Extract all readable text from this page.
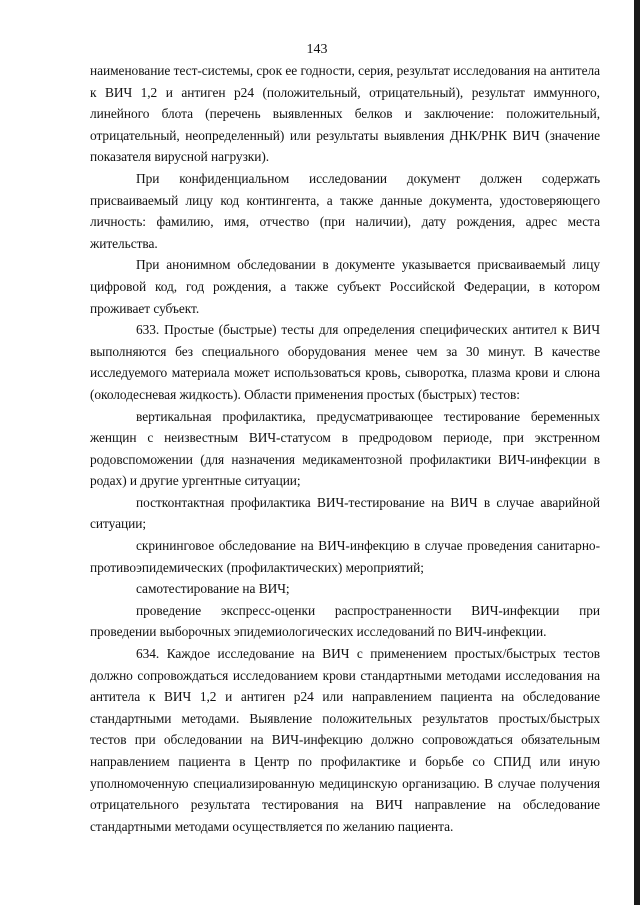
143

наименование тест-системы, срок ее годности, серия, результат исследования на антитела к ВИЧ 1,2 и антиген р24 (положительный, отрицательный), результат иммунного, линейного блота (перечень выявленных белков и заключение: положительный, отрицательный, неопределенный) или результаты выявления ДНК/РНК ВИЧ (значение показателя вирусной нагрузки).

При конфиденциальном исследовании документ должен содержать присваиваемый лицу код контингента, а также данные документа, удостоверяющего личность: фамилию, имя, отчество (при наличии), дату рождения, адрес места жительства.

При анонимном обследовании в документе указывается присваиваемый лицу цифровой код, год рождения, а также субъект Российской Федерации, в котором проживает субъект.

633. Простые (быстрые) тесты для определения специфических антител к ВИЧ выполняются без специального оборудования менее чем за 30 минут. В качестве исследуемого материала может использоваться кровь, сыворотка, плазма крови и слюна (околодесневая жидкость). Области применения простых (быстрых) тестов:

вертикальная профилактика, предусматривающее тестирование беременных женщин с неизвестным ВИЧ-статусом в предродовом периоде, при экстренном родовспоможении (для назначения медикаментозной профилактики ВИЧ-инфекции в родах) и другие ургентные ситуации;

постконтактная профилактика ВИЧ-тестирование на ВИЧ в случае аварийной ситуации;

скрининговое обследование на ВИЧ-инфекцию в случае проведения санитарно-противоэпидемических (профилактических) мероприятий;

самотестирование на ВИЧ;

проведение экспресс-оценки распространенности ВИЧ-инфекции при проведении выборочных эпидемиологических исследований по ВИЧ-инфекции.

634. Каждое исследование на ВИЧ с применением простых/быстрых тестов должно сопровождаться исследованием крови стандартными методами исследования на антитела к ВИЧ 1,2 и антиген р24 или направлением пациента на обследование стандартными методами. Выявление положительных результатов простых/быстрых тестов при обследовании на ВИЧ-инфекцию должно сопровождаться обязательным направлением пациента в Центр по профилактике и борьбе со СПИД или иную уполномоченную специализированную медицинскую организацию. В случае получения отрицательного результата тестирования на ВИЧ направление на обследование стандартными методами осуществляется по желанию пациента.
